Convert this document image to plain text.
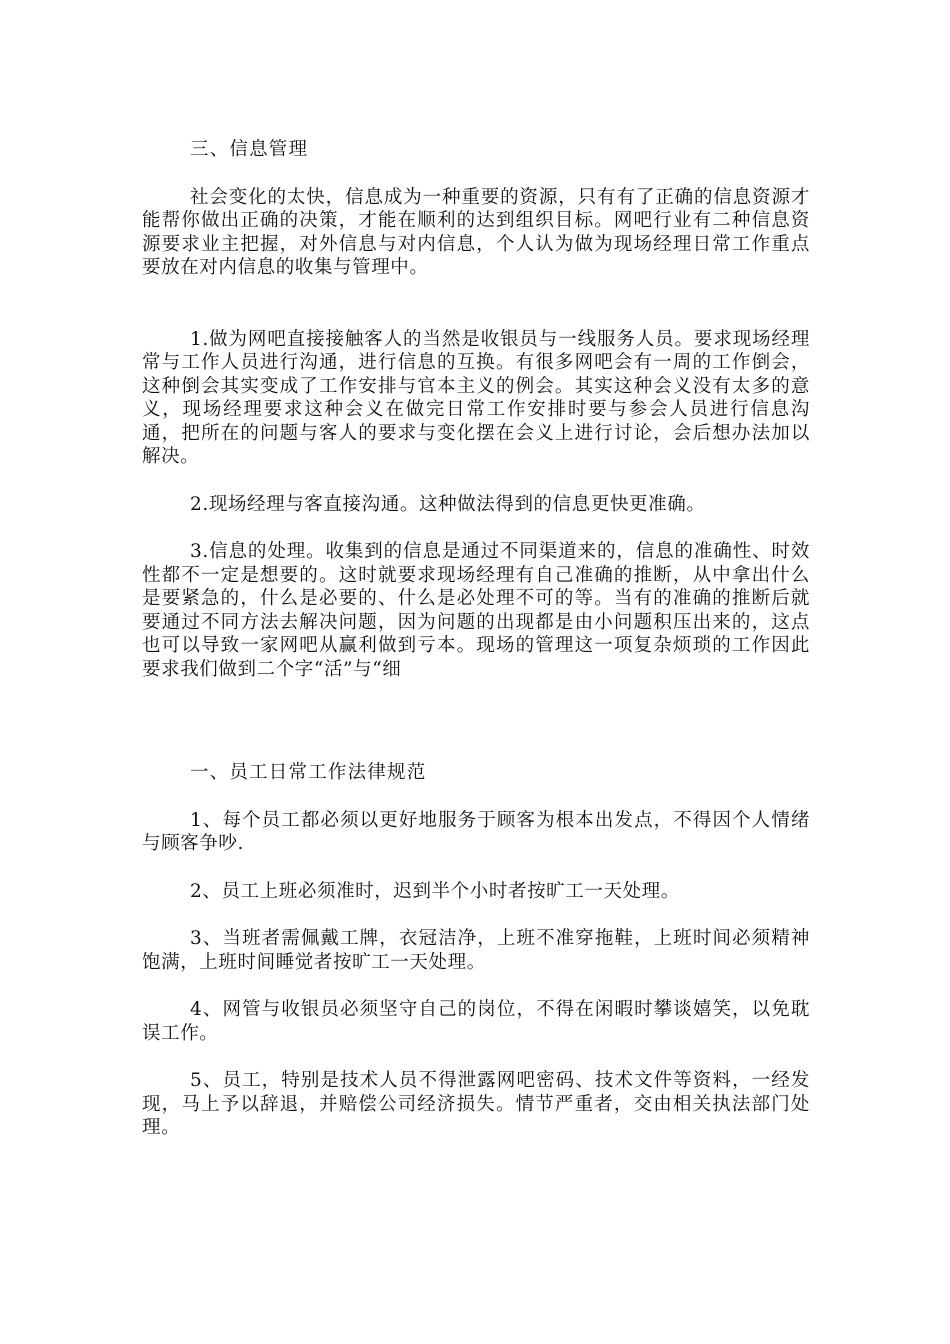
三、信息管理

社会变化的太快，信息成为一种重要的资源，只有有了正确的信息资源才能帮你做出正确的决策，才能在顺利的达到组织目标。网吧行业有二种信息资源要求业主把握，对外信息与对内信息，个人认为做为现场经理日常工作重点要放在对内信息的收集与管理中。

1.做为网吧直接接触客人的当然是收银员与一线服务人员。要求现场经理常与工作人员进行沟通，进行信息的互换。有很多网吧会有一周的工作倒会，这种倒会其实变成了工作安排与官本主义的例会。其实这种会义没有太多的意义，现场经理要求这种会义在做完日常工作安排时要与参会人员进行信息沟通，把所在的问题与客人的要求与变化摆在会义上进行讨论，会后想办法加以解决。

2.现场经理与客直接沟通。这种做法得到的信息更快更准确。

3.信息的处理。收集到的信息是通过不同渠道来的，信息的准确性、时效性都不一定是想要的。这时就要求现场经理有自己准确的推断，从中拿出什么是要紧急的，什么是必要的、什么是必处理不可的等。当有的准确的推断后就要通过不同方法去解决问题，因为问题的出现都是由小问题积压出来的，这点也可以导致一家网吧从赢利做到亏本。现场的管理这一项复杂烦琐的工作因此要求我们做到二个字“活”与“细

一、员工日常工作法律规范

1、每个员工都必须以更好地服务于顾客为根本出发点，不得因个人情绪与顾客争吵.

2、员工上班必须准时，迟到半个小时者按旷工一天处理。

3、当班者需佩戴工牌，衣冠洁净，上班不准穿拖鞋，上班时间必须精神饱满，上班时间睡觉者按旷工一天处理。

4、网管与收银员必须坚守自己的岗位，不得在闲暇时攀谈嬉笑，以免耽误工作。

5、员工，特别是技术人员不得泄露网吧密码、技术文件等资料，一经发现，马上予以辞退，并赔偿公司经济损失。情节严重者，交由相关执法部门处理。
